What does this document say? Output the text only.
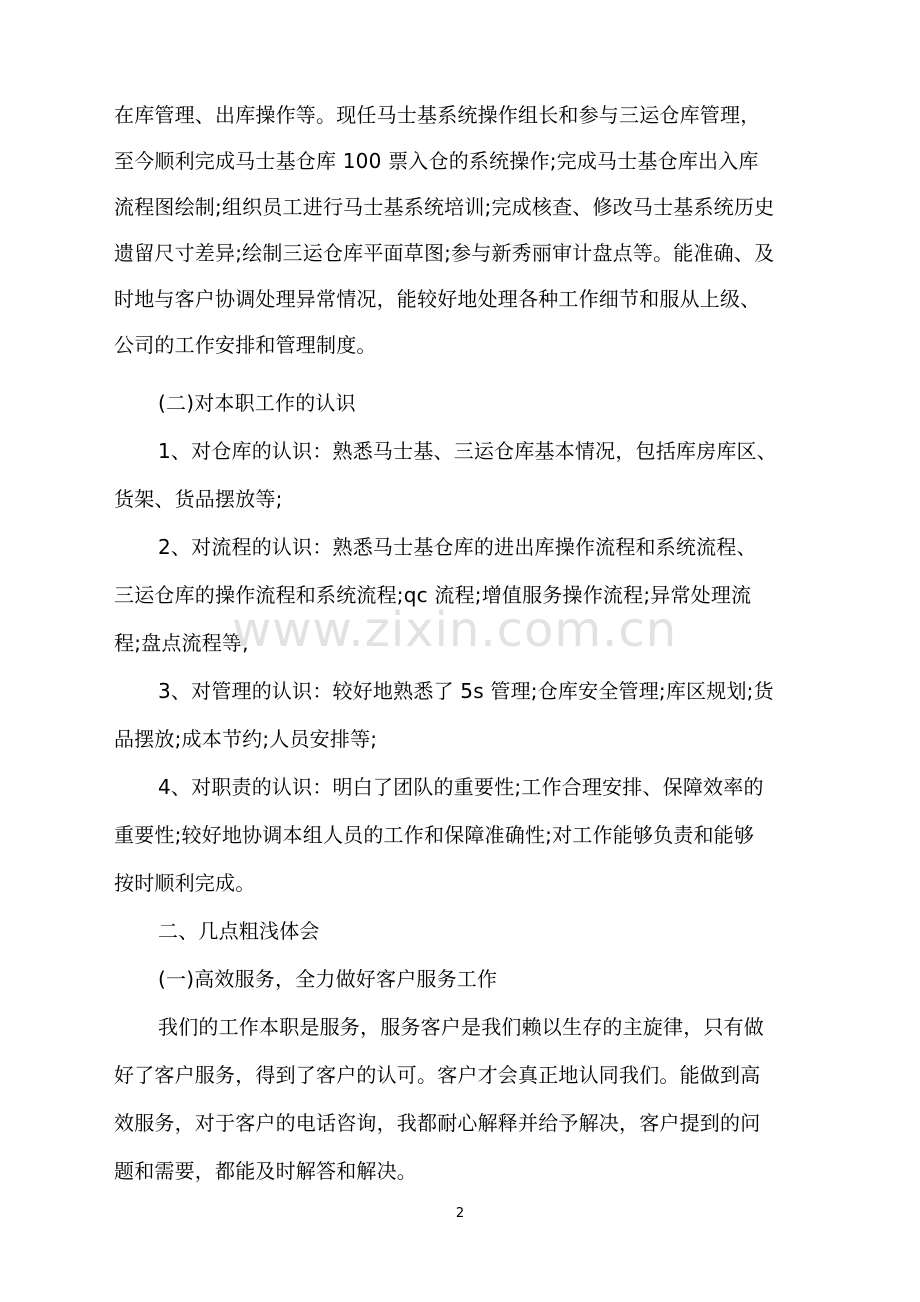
在库管理、出库操作等。现任马士基系统操作组长和参与三运仓库管理，
至今顺利完成马士基仓库 100 票入仓的系统操作;完成马士基仓库出入库
流程图绘制;组织员工进行马士基系统培训;完成核查、修改马士基系统历史
遗留尺寸差异;绘制三运仓库平面草图;参与新秀丽审计盘点等。能准确、及
时地与客户协调处理异常情况，能较好地处理各种工作细节和服从上级、
公司的工作安排和管理制度。
(二)对本职工作的认识
1、对仓库的认识：熟悉马士基、三运仓库基本情况，包括库房库区、
货架、货品摆放等;
2、对流程的认识：熟悉马士基仓库的进出库操作流程和系统流程、
三运仓库的操作流程和系统流程;qc 流程;增值服务操作流程;异常处理流
程;盘点流程等;
3、对管理的认识：较好地熟悉了 5s 管理;仓库安全管理;库区规划;货
品摆放;成本节约;人员安排等;
4、对职责的认识：明白了团队的重要性;工作合理安排、保障效率的
重要性;较好地协调本组人员的工作和保障准确性;对工作能够负责和能够
按时顺利完成。
二、几点粗浅体会
(一)高效服务，全力做好客户服务工作
我们的工作本职是服务，服务客户是我们赖以生存的主旋律，只有做
好了客户服务，得到了客户的认可。客户才会真正地认同我们。能做到高
效服务，对于客户的电话咨询，我都耐心解释并给予解决，客户提到的问
题和需要，都能及时解答和解决。
www.zixin.com.cn
2
